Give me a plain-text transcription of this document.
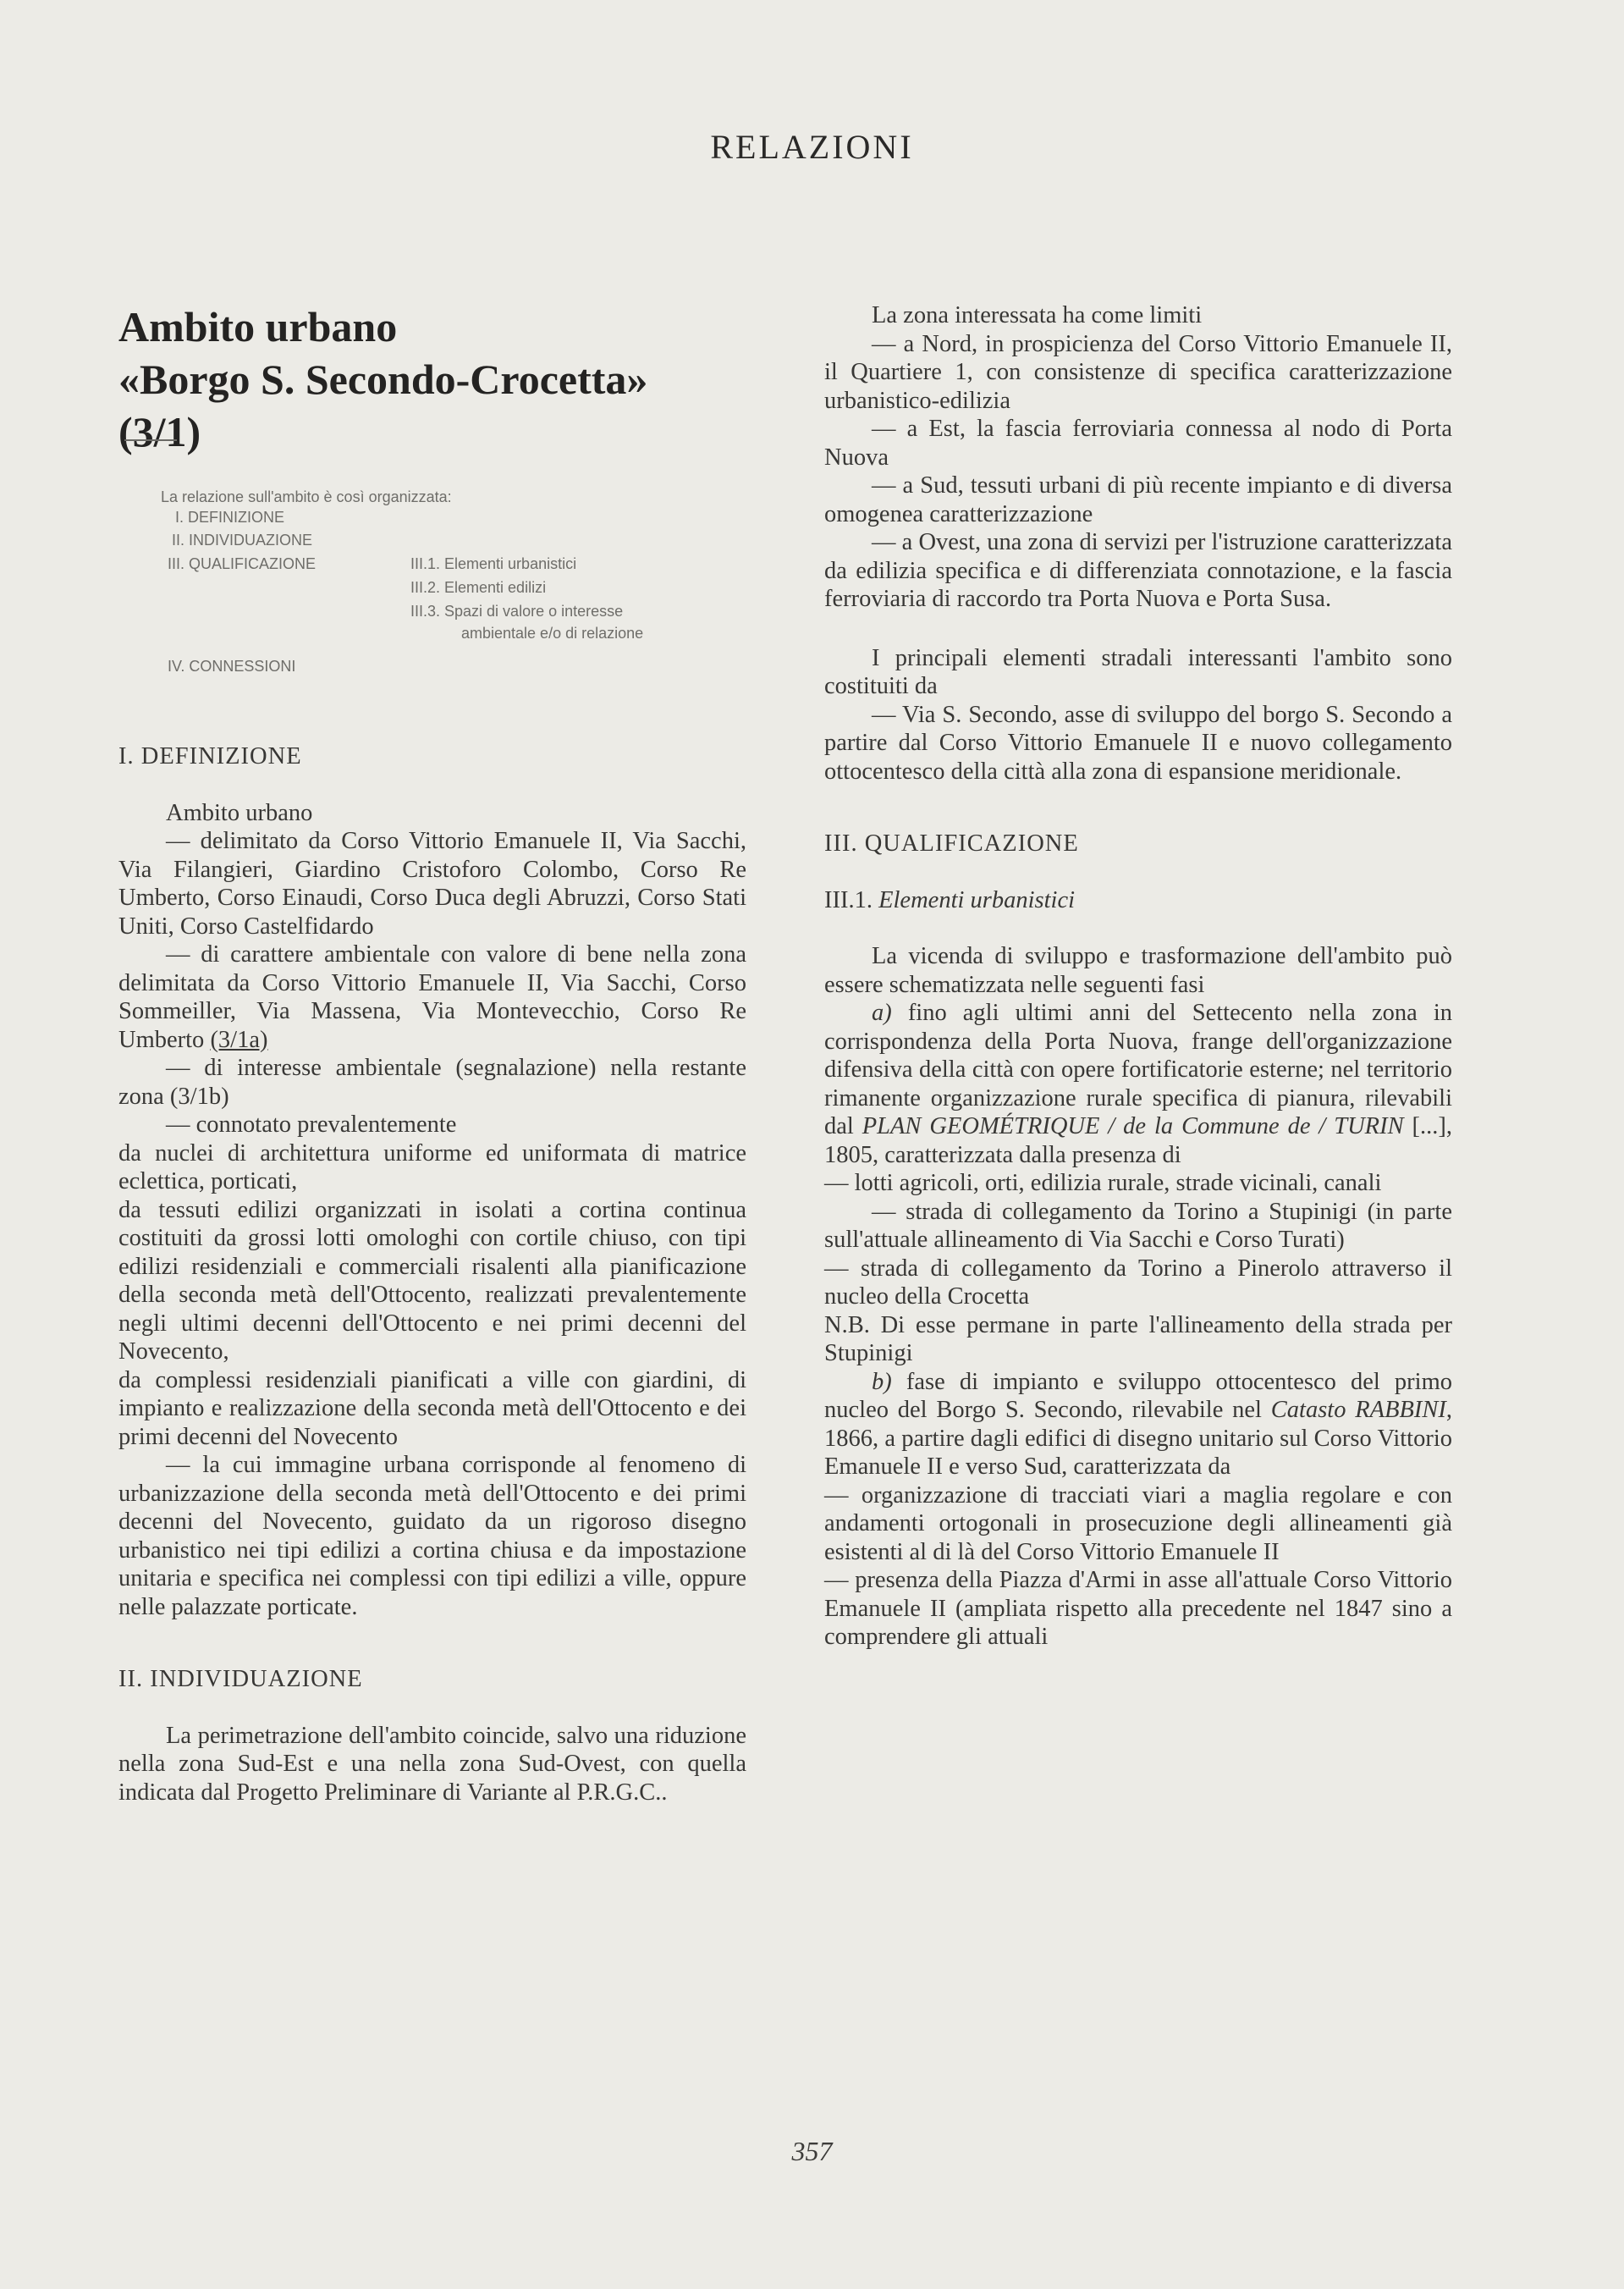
RELAZIONI
Ambito urbano
«Borgo S. Secondo-Crocetta»
(3/1)
La relazione sull'ambito è così organizzata:
I. DEFINIZIONE
II. INDIVIDUAZIONE
III. QUALIFICAZIONE
IV. CONNESSIONI
III.1. Elementi urbanistici
III.2. Elementi edilizi
III.3. Spazi di valore o interesse
ambientale e/o di relazione

I. DEFINIZIONE

Ambito urbano

— delimitato da Corso Vittorio Emanuele II, Via Sacchi, Via Filangieri, Giardino Cristoforo Colombo, Corso Re Umberto, Corso Einaudi, Corso Duca degli Abruzzi, Corso Stati Uniti, Corso Castelfidardo

— di carattere ambientale con valore di bene nella zona delimitata da Corso Vittorio Emanuele II, Via Sacchi, Corso Sommeiller, Via Massena, Via Montevecchio, Corso Re Umberto (3/1a)

— di interesse ambientale (segnalazione) nella restante zona (3/1b)

— connotato prevalentemente

da nuclei di architettura uniforme ed uniformata di matrice eclettica, porticati,

da tessuti edilizi organizzati in isolati a cortina continua costituiti da grossi lotti omologhi con cortile chiuso, con tipi edilizi residenziali e commerciali risalenti alla pianificazione della seconda metà dell'Ottocento, realizzati prevalentemente negli ultimi decenni dell'Ottocento e nei primi decenni del Novecento,

da complessi residenziali pianificati a ville con giardini, di impianto e realizzazione della seconda metà dell'Ottocento e dei primi decenni del Novecento

— la cui immagine urbana corrisponde al fenomeno di urbanizzazione della seconda metà dell'Ottocento e dei primi decenni del Novecento, guidato da un rigoroso disegno urbanistico nei tipi edilizi a cortina chiusa e da impostazione unitaria e specifica nei complessi con tipi edilizi a ville, oppure nelle palazzate porticate.

II. INDIVIDUAZIONE

La perimetrazione dell'ambito coincide, salvo una riduzione nella zona Sud-Est e una nella zona Sud-Ovest, con quella indicata dal Progetto Preliminare di Variante al P.R.G.C..

La zona interessata ha come limiti

— a Nord, in prospicienza del Corso Vittorio Emanuele II, il Quartiere 1, con consistenze di specifica caratterizzazione urbanistico-edilizia

— a Est, la fascia ferroviaria connessa al nodo di Porta Nuova

— a Sud, tessuti urbani di più recente impianto e di diversa omogenea caratterizzazione

— a Ovest, una zona di servizi per l'istruzione caratterizzata da edilizia specifica e di differenziata connotazione, e la fascia ferroviaria di raccordo tra Porta Nuova e Porta Susa.

I principali elementi stradali interessanti l'ambito sono costituiti da

— Via S. Secondo, asse di sviluppo del borgo S. Secondo a partire dal Corso Vittorio Emanuele II e nuovo collegamento ottocentesco della città alla zona di espansione meridionale.

III. QUALIFICAZIONE

III.1. Elementi urbanistici

La vicenda di sviluppo e trasformazione dell'ambito può essere schematizzata nelle seguenti fasi

a) fino agli ultimi anni del Settecento nella zona in corrispondenza della Porta Nuova, frange dell'organizzazione difensiva della città con opere fortificatorie esterne; nel territorio rimanente organizzazione rurale specifica di pianura, rilevabili dal PLAN GEOMÉTRIQUE / de la Commune de / TURIN [...], 1805, caratterizzata dalla presenza di

— lotti agricoli, orti, edilizia rurale, strade vicinali, canali

— strada di collegamento da Torino a Stupinigi (in parte sull'attuale allineamento di Via Sacchi e Corso Turati)

— strada di collegamento da Torino a Pinerolo attraverso il nucleo della Crocetta

N.B. Di esse permane in parte l'allineamento della strada per Stupinigi

b) fase di impianto e sviluppo ottocentesco del primo nucleo del Borgo S. Secondo, rilevabile nel Catasto RABBINI, 1866, a partire dagli edifici di disegno unitario sul Corso Vittorio Emanuele II e verso Sud, caratterizzata da

— organizzazione di tracciati viari a maglia regolare e con andamenti ortogonali in prosecuzione degli allineamenti già esistenti al di là del Corso Vittorio Emanuele II

— presenza della Piazza d'Armi in asse all'attuale Corso Vittorio Emanuele II (ampliata rispetto alla precedente nel 1847 sino a comprendere gli attuali

357
